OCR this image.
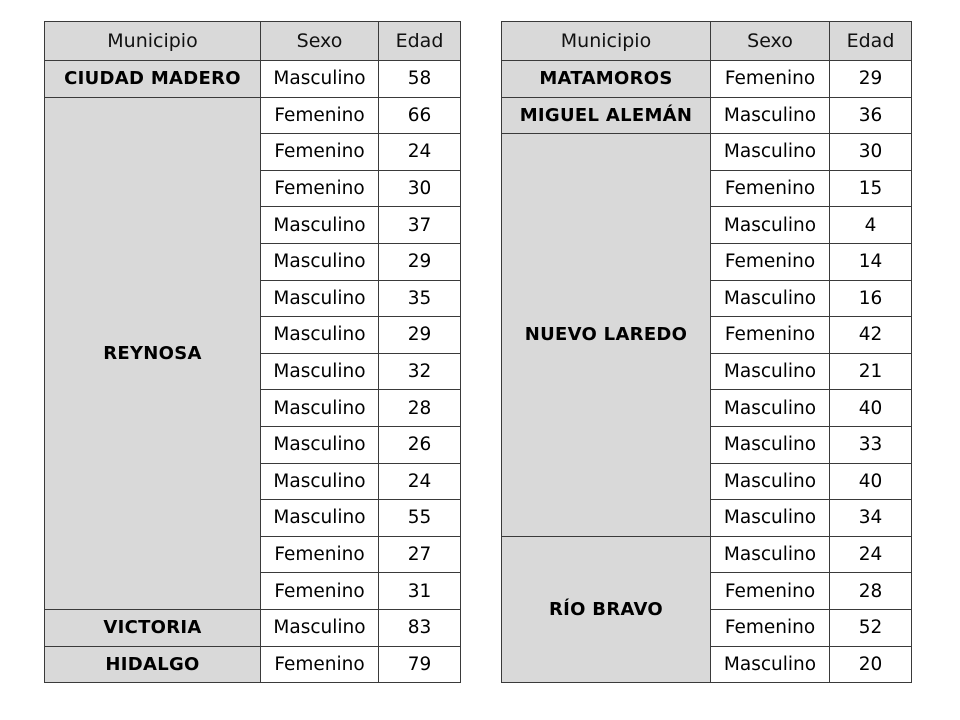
Municipio	Sexo	Edad
CIUDAD MADERO	Masculino	58
REYNOSA	Femenino	66
	Femenino	24
	Femenino	30
	Masculino	37
	Masculino	29
	Masculino	35
	Masculino	29
	Masculino	32
	Masculino	28
	Masculino	26
	Masculino	24
	Masculino	55
	Femenino	27
	Femenino	31
VICTORIA	Masculino	83
HIDALGO	Femenino	79
Municipio	Sexo	Edad
MATAMOROS	Femenino	29
MIGUEL ALEMÁN	Masculino	36
NUEVO LAREDO	Masculino	30
	Femenino	15
	Masculino	4
	Femenino	14
	Masculino	16
	Femenino	42
	Masculino	21
	Masculino	40
	Masculino	33
	Masculino	40
	Masculino	34
RÍO BRAVO	Masculino	24
	Femenino	28
	Femenino	52
	Masculino	20
